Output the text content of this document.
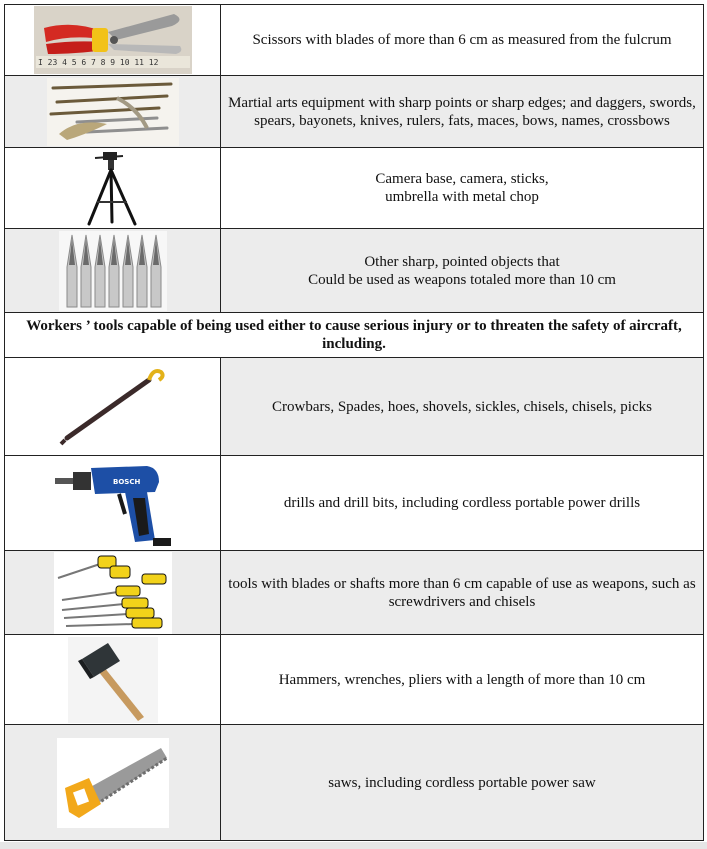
I 23 4 5 6 7 8 9 10 11 12	Scissors with blades of more than 6 cm as measured from the fulcrum

	Martial arts equipment with sharp points or sharp edges; and daggers, swords, spears, bayonets, knives, rulers, fats, maces, bows, names, crossbows

	Camera base, camera, sticks,
umbrella with metal chop

	Other sharp, pointed objects that
Could be used as weapons totaled more than 10 cm
Workers ’ tools capable of being used either to cause serious injury or to threaten the safety of aircraft, including.	

	Crowbars, Spades, hoes, shovels, sickles, chisels, chisels, picks

BOSCH	drills and drill bits, including cordless portable power drills

	tools with blades or shafts more than 6 cm capable of use as weapons, such as screwdrivers and chisels

	Hammers, wrenches, pliers with a length of more than 10 cm

	saws, including cordless portable power saw
